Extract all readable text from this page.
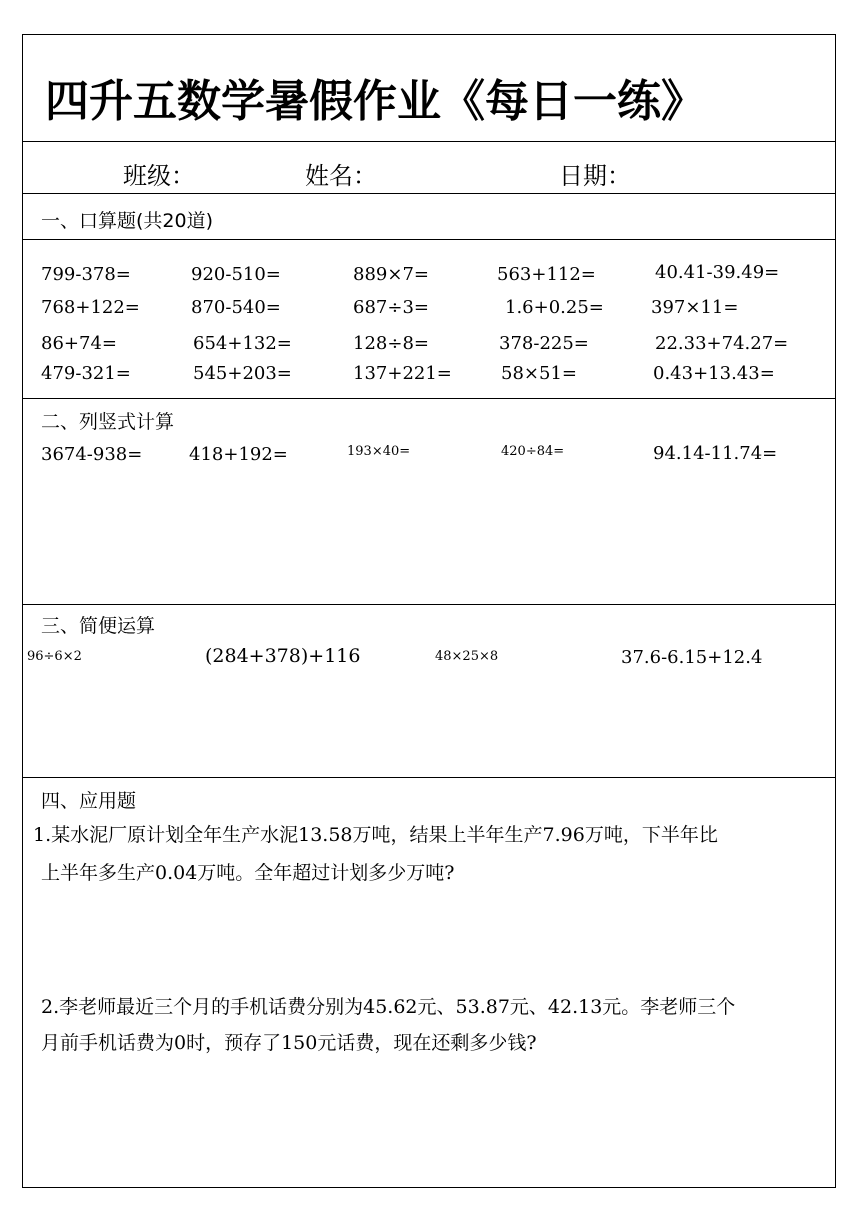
四升五数学暑假作业《每日一练》
班级：	姓名：	日期：
一、口算题(共20道)
799-378=	920-510=	889×7=	563+112=	40.41-39.49=
768+122=	870-540=	687÷3=	1.6+0.25=	397×11=
86+74=	654+132=	128÷8=	378-225=	22.33+74.27=
479-321=	545+203=	137+221=	58×51=	0.43+13.43=
二、列竖式计算
3674-938=	418+192=	193×40=	420÷84=	94.14-11.74=
三、简便运算
96÷6×2	(284+378)+116	48×25×8	37.6-6.15+12.4
四、应用题
1.某水泥厂原计划全年生产水泥13.58万吨，结果上半年生产7.96万吨，下半年比
上半年多生产0.04万吨。全年超过计划多少万吨?
2.李老师最近三个月的手机话费分别为45.62元、53.87元、42.13元。李老师三个
月前手机话费为0时，预存了150元话费，现在还剩多少钱?
